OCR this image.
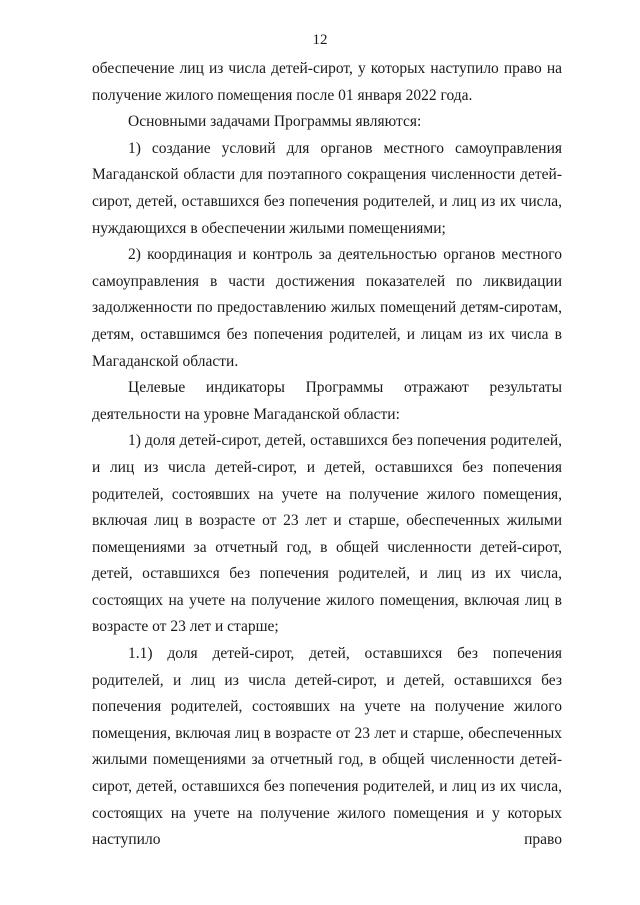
12

обеспечение лиц из числа детей-сирот, у которых наступило право на получение жилого помещения после 01 января 2022 года.

Основными задачами Программы являются:

1) создание условий для органов местного самоуправления Магаданской области для поэтапного сокращения численности детей-сирот, детей, оставшихся без попечения родителей, и лиц из их числа, нуждающихся в обеспечении жилыми помещениями;

2) координация и контроль за деятельностью органов местного самоуправления в части достижения показателей по ликвидации задолженности по предоставлению жилых помещений детям-сиротам, детям, оставшимся без попечения родителей, и лицам из их числа в Магаданской области.

Целевые индикаторы Программы отражают результаты деятельности на уровне Магаданской области:

1) доля детей-сирот, детей, оставшихся без попечения родителей, и лиц из числа детей-сирот, и детей, оставшихся без попечения родителей, состоявших на учете на получение жилого помещения, включая лиц в возрасте от 23 лет и старше, обеспеченных жилыми помещениями за отчетный год, в общей численности детей-сирот, детей, оставшихся без попечения родителей, и лиц из их числа, состоящих на учете на получение жилого помещения, включая лиц в возрасте от 23 лет и старше;

1.1) доля детей-сирот, детей, оставшихся без попечения родителей, и лиц из числа детей-сирот, и детей, оставшихся без попечения родителей, состоявших на учете на получение жилого помещения, включая лиц в возрасте от 23 лет и старше, обеспеченных жилыми помещениями за отчетный год, в общей численности детей-сирот, детей, оставшихся без попечения родителей, и лиц из их числа, состоящих на учете на получение жилого помещения и у которых наступило право
